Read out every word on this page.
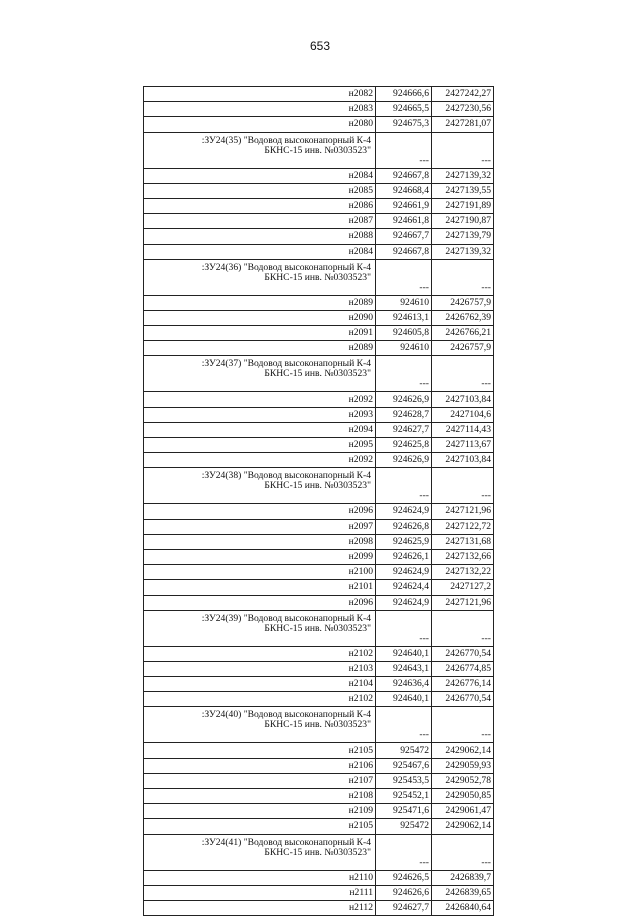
653
н2082	924666,6	2427242,27
н2083	924665,5	2427230,56
н2080	924675,3	2427281,07

:ЗУ24(35) "Водовод высоконапорный К-4
БКНС-15 инв. №0303523"	---	---
н2084	924667,8	2427139,32
н2085	924668,4	2427139,55
н2086	924661,9	2427191,89
н2087	924661,8	2427190,87
н2088	924667,7	2427139,79
н2084	924667,8	2427139,32

:ЗУ24(36) "Водовод высоконапорный К-4
БКНС-15 инв. №0303523"	---	---
н2089	924610	2426757,9
н2090	924613,1	2426762,39
н2091	924605,8	2426766,21
н2089	924610	2426757,9

:ЗУ24(37) "Водовод высоконапорный К-4
БКНС-15 инв. №0303523"	---	---
н2092	924626,9	2427103,84
н2093	924628,7	2427104,6
н2094	924627,7	2427114,43
н2095	924625,8	2427113,67
н2092	924626,9	2427103,84

:ЗУ24(38) "Водовод высоконапорный К-4
БКНС-15 инв. №0303523"	---	---
н2096	924624,9	2427121,96
н2097	924626,8	2427122,72
н2098	924625,9	2427131,68
н2099	924626,1	2427132,66
н2100	924624,9	2427132,22
н2101	924624,4	2427127,2
н2096	924624,9	2427121,96

:ЗУ24(39) "Водовод высоконапорный К-4
БКНС-15 инв. №0303523"	---	---
н2102	924640,1	2426770,54
н2103	924643,1	2426774,85
н2104	924636,4	2426776,14
н2102	924640,1	2426770,54

:ЗУ24(40) "Водовод высоконапорный К-4
БКНС-15 инв. №0303523"	---	---
н2105	925472	2429062,14
н2106	925467,6	2429059,93
н2107	925453,5	2429052,78
н2108	925452,1	2429050,85
н2109	925471,6	2429061,47
н2105	925472	2429062,14

:ЗУ24(41) "Водовод высоконапорный К-4
БКНС-15 инв. №0303523"	---	---
н2110	924626,5	2426839,7
н2111	924626,6	2426839,65
н2112	924627,7	2426840,64
